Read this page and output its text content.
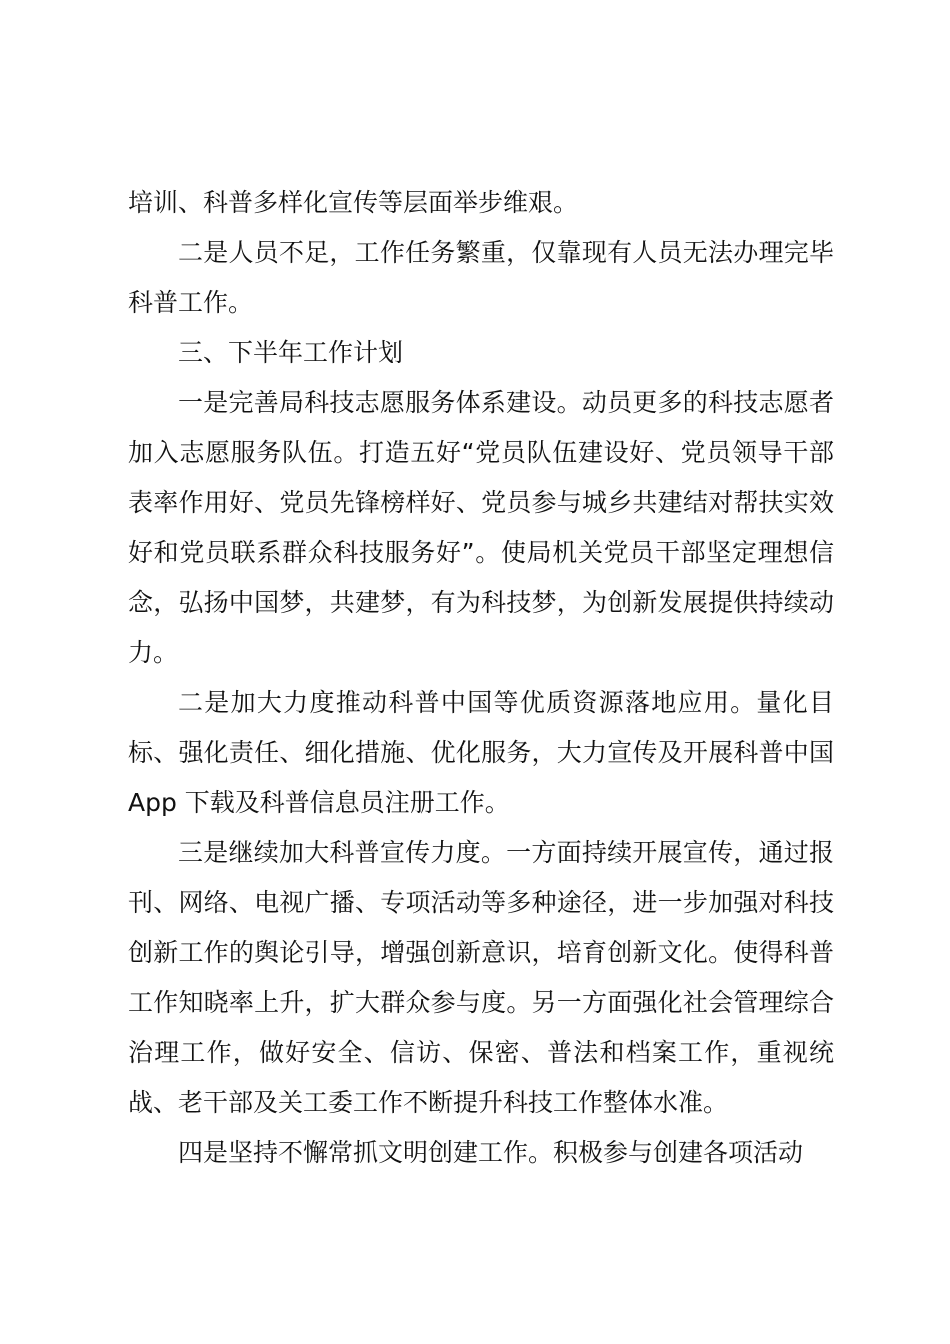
培训、科普多样化宣传等层面举步维艰。

二是人员不足，工作任务繁重，仅靠现有人员无法办理完毕科普工作。

三、下半年工作计划

一是完善局科技志愿服务体系建设。动员更多的科技志愿者加入志愿服务队伍。打造五好“党员队伍建设好、党员领导干部表率作用好、党员先锋榜样好、党员参与城乡共建结对帮扶实效好和党员联系群众科技服务好”。使局机关党员干部坚定理想信念，弘扬中国梦，共建梦，有为科技梦，为创新发展提供持续动力。

二是加大力度推动科普中国等优质资源落地应用。量化目标、强化责任、细化措施、优化服务，大力宣传及开展科普中国 App 下载及科普信息员注册工作。

三是继续加大科普宣传力度。一方面持续开展宣传，通过报刊、网络、电视广播、专项活动等多种途径，进一步加强对科技创新工作的舆论引导，增强创新意识，培育创新文化。使得科普工作知晓率上升，扩大群众参与度。另一方面强化社会管理综合治理工作，做好安全、信访、保密、普法和档案工作，重视统战、老干部及关工委工作不断提升科技工作整体水准。

四是坚持不懈常抓文明创建工作。积极参与创建各项活动
